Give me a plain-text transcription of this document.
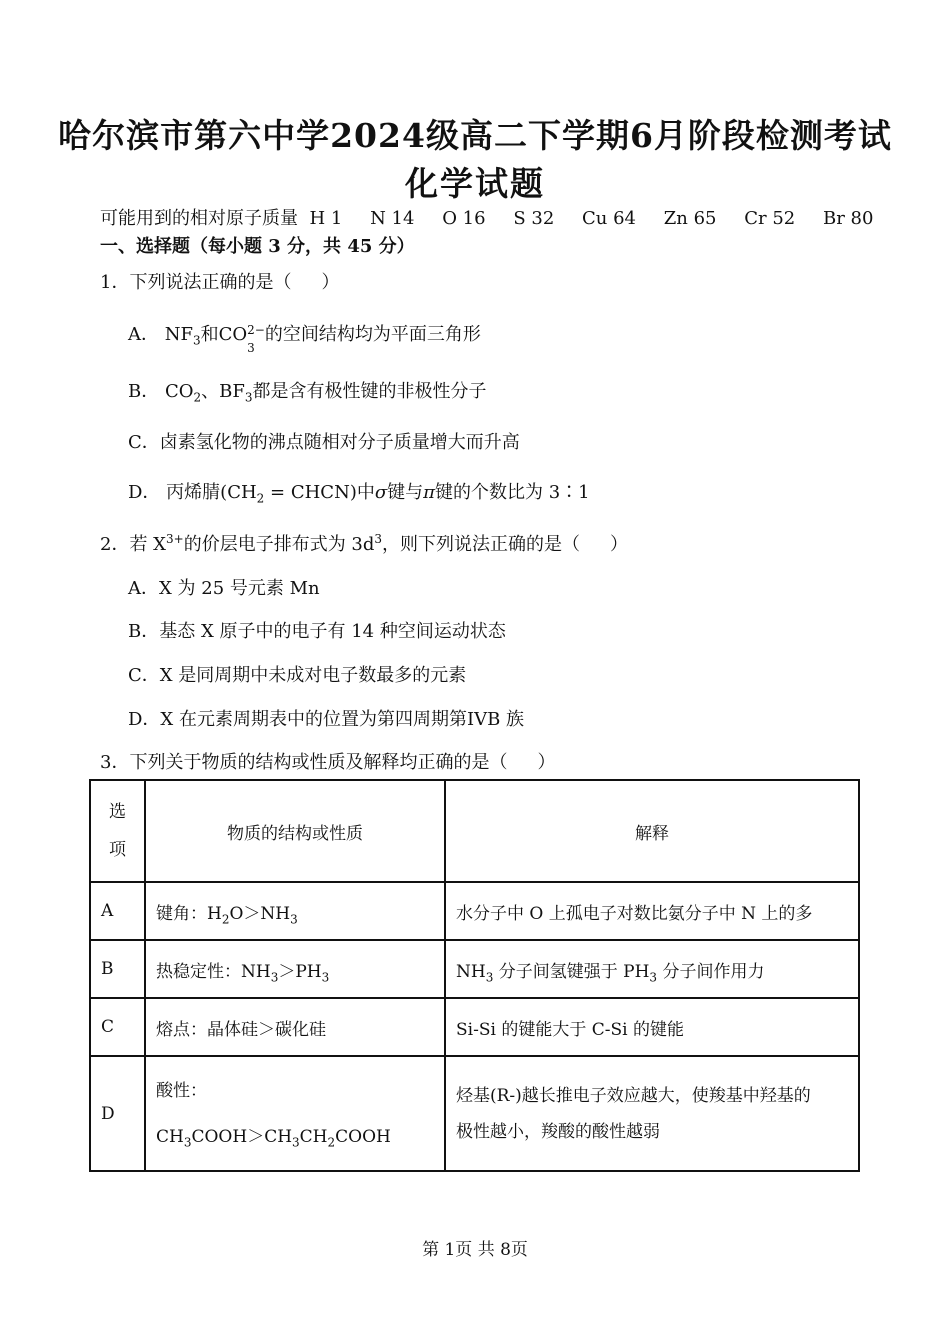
哈尔滨市第六中学2024级高二下学期6月阶段检测考试
化学试题
可能用到的相对原子质量 H 1 N 14 O 16 S 32 Cu 64 Zn 65 Cr 52 Br 80
一、选择题（每小题 3 分，共 45 分）
1．下列说法正确的是（ ）
A． $NF_3$和CO 2−
3
的空间结构均为平面三角形
B． $CO_2$、$BF_3$都是含有极性键的非极性分子
C．卤素氢化物的沸点随相对分子质量增大而升高
D． 丙烯腈($CH_2$ = CHCN)中σ键与π键的个数比为 3∶1
2．若 $X^{3+}$的价层电子排布式为 $3d^3$，则下列说法正确的是（ ）
A．X 为 25 号元素 Mn
B．基态 X 原子中的电子有 14 种空间运动状态
C．X 是同周期中未成对电子数最多的元素
D．X 在元素周期表中的位置为第四周期第IVB 族
3．下列关于物质的结构或性质及解释均正确的是（ ）
选
项	物质的结构或性质	解释
A	键角：$H_2O>NH_3$	水分子中 O 上孤电子对数比氨分子中 N 上的多
B	热稳定性：$NH_3>PH_3$	$NH_3$ 分子间氢键强于 $PH_3$ 分子间作用力
C	熔点：晶体硅＞碳化硅	Si-Si 的键能大于 C-Si 的键能
D	酸性：
$CH_3COOH>CH_3CH_2COOH$	烃基(R-)越长推电子效应越大，使羧基中羟基的
极性越小，羧酸的酸性越弱
第 1页 共 8页
